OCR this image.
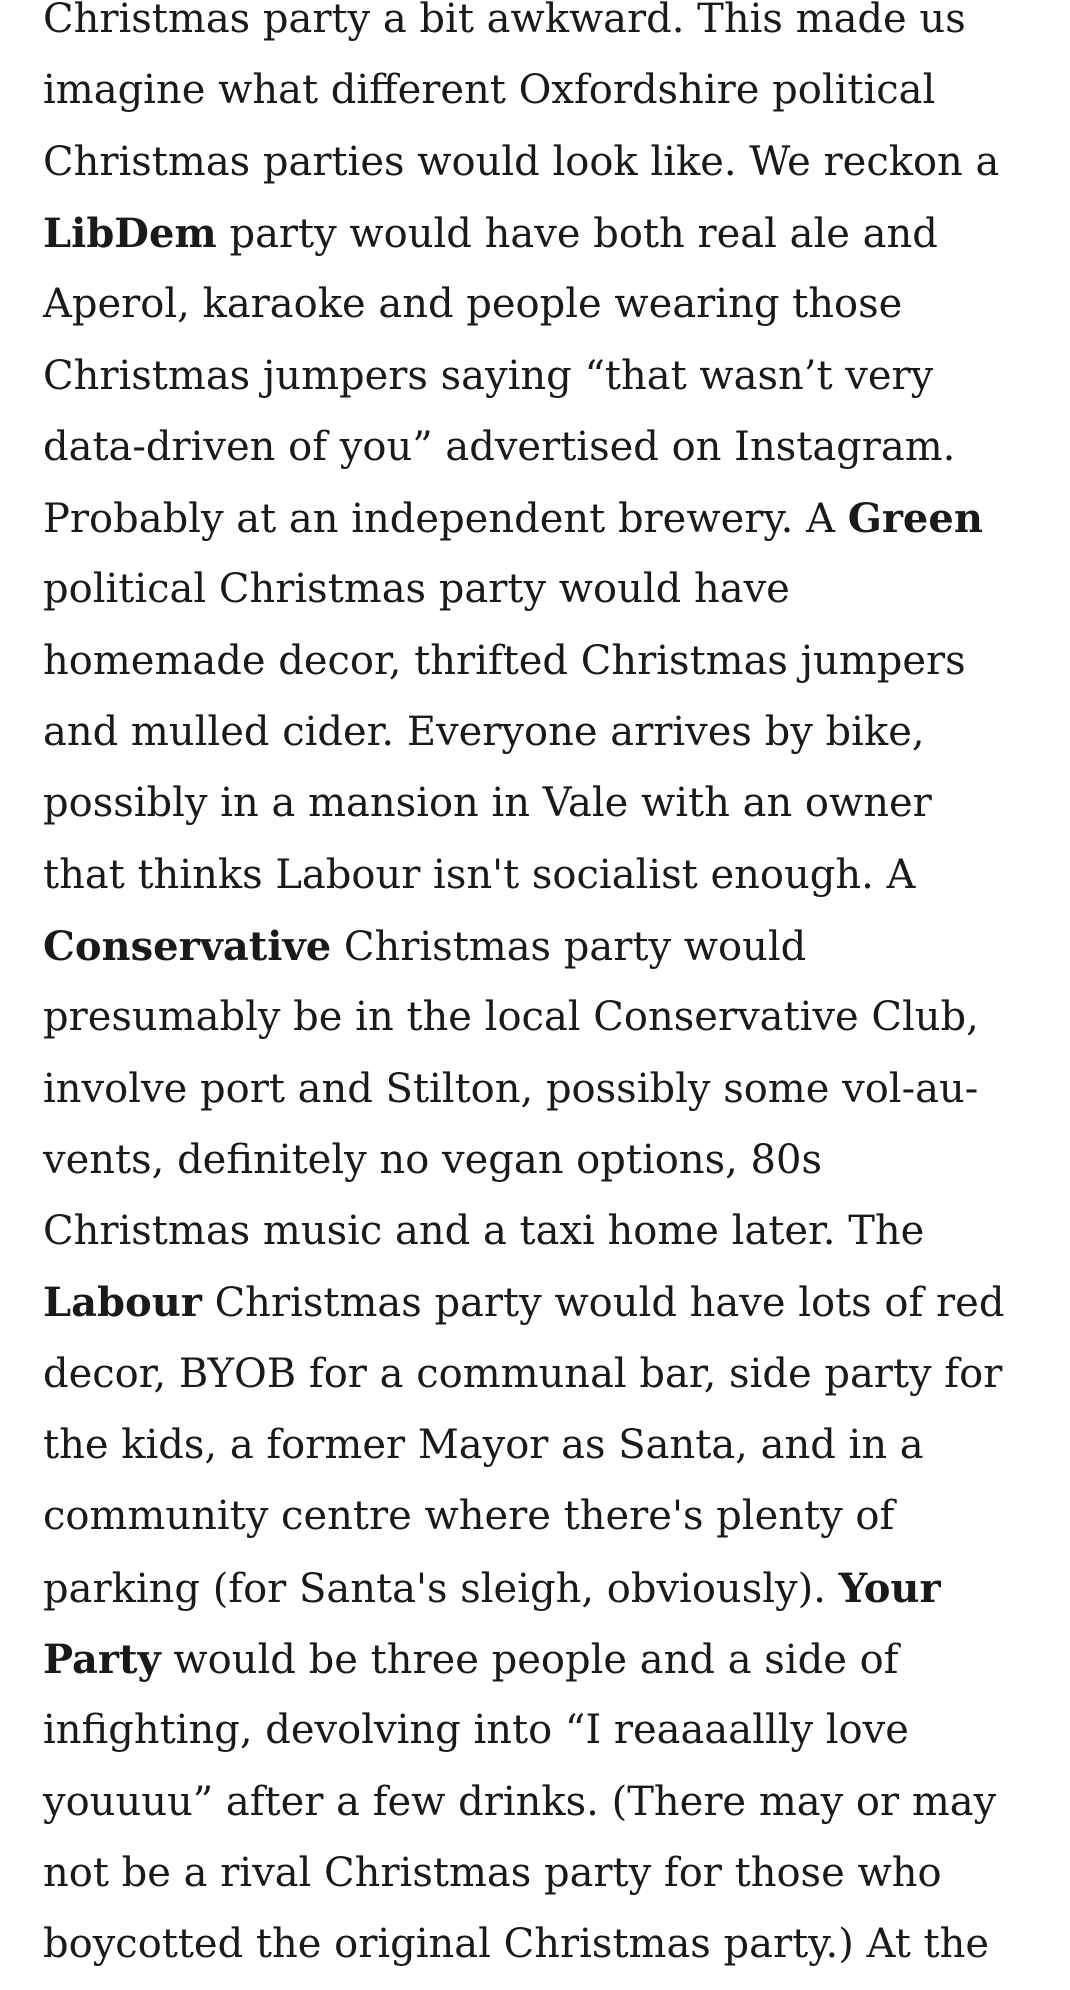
Christmas party a bit awkward. This made us
imagine what different Oxfordshire political
Christmas parties would look like. We reckon a
LibDem party would have both real ale and
Aperol, karaoke and people wearing those
Christmas jumpers saying “that wasn’t very
data-driven of you” advertised on Instagram.
Probably at an independent brewery. A Green
political Christmas party would have
homemade decor, thrifted Christmas jumpers
and mulled cider. Everyone arrives by bike,
possibly in a mansion in Vale with an owner
that thinks Labour isn't socialist enough. A
Conservative Christmas party would
presumably be in the local Conservative Club,
involve port and Stilton, possibly some vol-au-
vents, definitely no vegan options, 80s
Christmas music and a taxi home later. The
Labour Christmas party would have lots of red
decor, BYOB for a communal bar, side party for
the kids, a former Mayor as Santa, and in a
community centre where there's plenty of
parking (for Santa's sleigh, obviously). Your
Party would be three people and a side of
infighting, devolving into “I reaaaallly love
youuuu” after a few drinks. (There may or may
not be a rival Christmas party for those who
boycotted the original Christmas party.) At the
